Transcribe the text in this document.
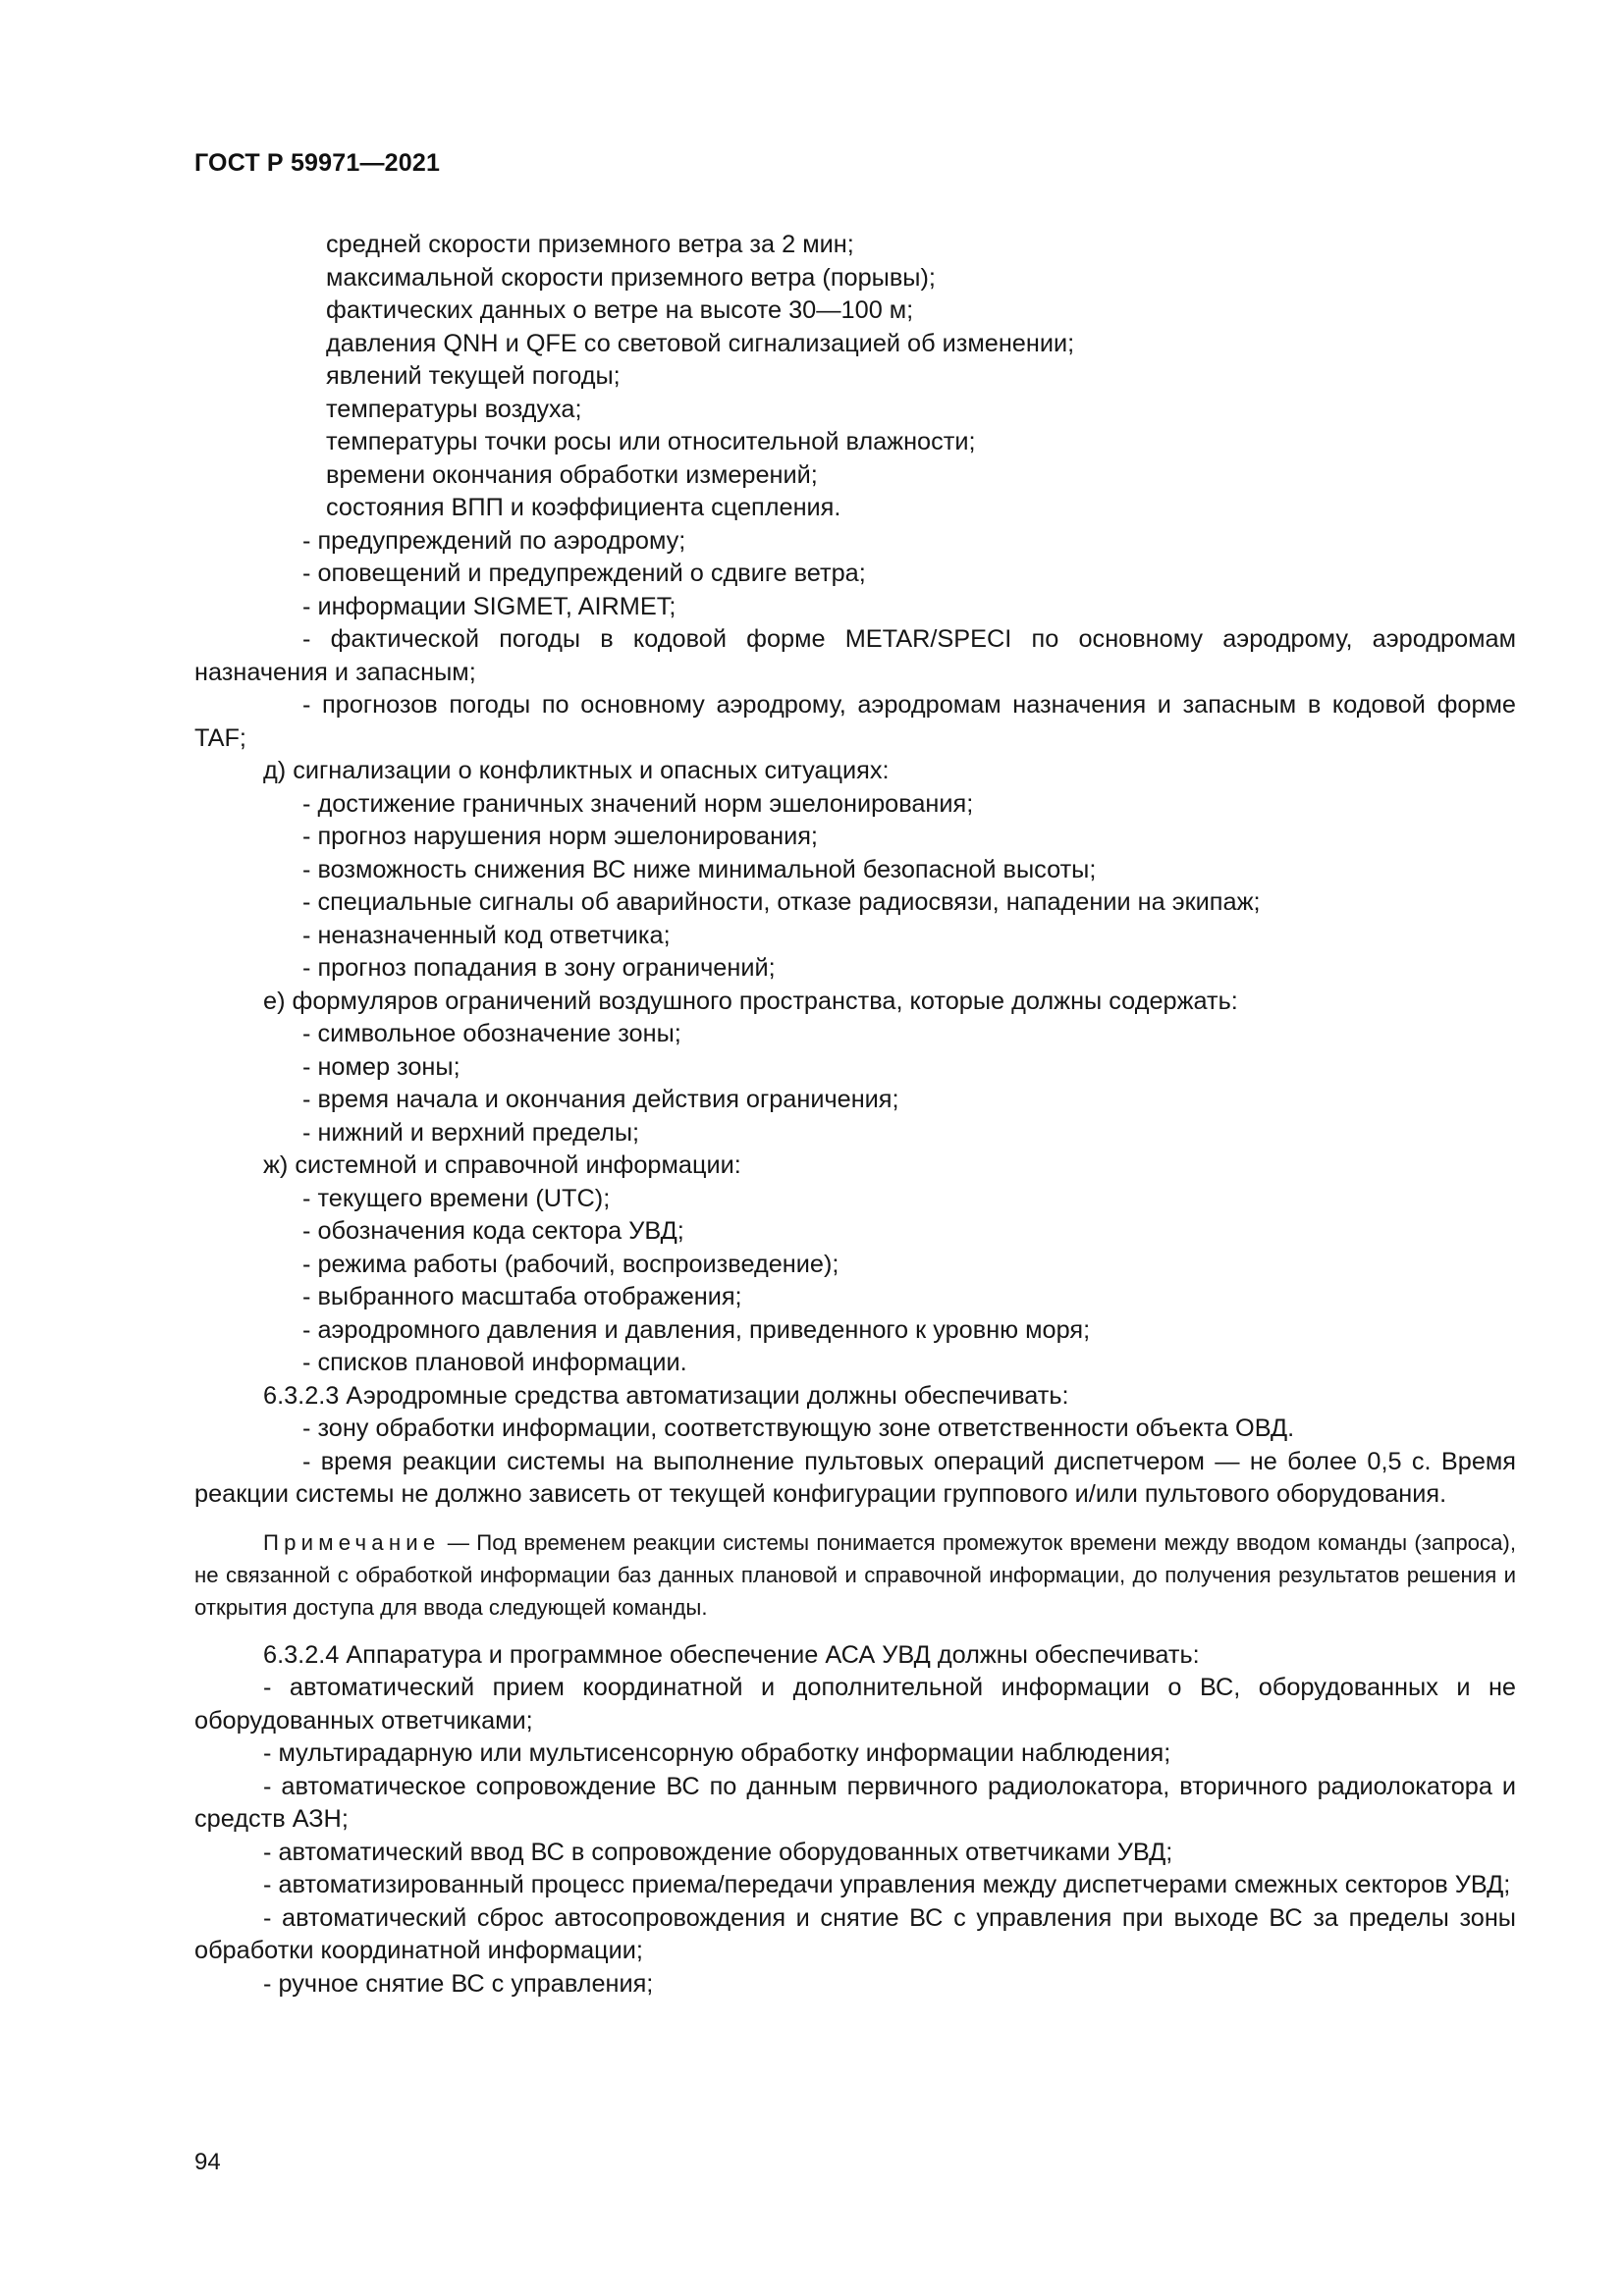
ГОСТ Р 59971—2021

средней скорости приземного ветра за 2 мин;

максимальной скорости приземного ветра (порывы);

фактических данных о ветре на высоте 30—100 м;

давления QNH и QFE со световой сигнализацией об изменении;

явлений текущей погоды;

температуры воздуха;

температуры точки росы или относительной влажности;

времени окончания обработки измерений;

состояния ВПП и коэффициента сцепления.

- предупреждений по аэродрому;

- оповещений и предупреждений о сдвиге ветра;

- информации SIGMET, AIRMET;

- фактической погоды в кодовой форме METAR/SPECI по основному аэродрому, аэродромам назначения и запасным;

- прогнозов погоды по основному аэродрому, аэродромам назначения и запасным в кодовой форме TAF;

д) сигнализации о конфликтных и опасных ситуациях:

- достижение граничных значений норм эшелонирования;

- прогноз нарушения норм эшелонирования;

- возможность снижения ВС ниже минимальной безопасной высоты;

- специальные сигналы об аварийности, отказе радиосвязи, нападении на экипаж;

- неназначенный код ответчика;

- прогноз попадания в зону ограничений;

е) формуляров ограничений воздушного пространства, которые должны содержать:

- символьное обозначение зоны;

- номер зоны;

- время начала и окончания действия ограничения;

- нижний и верхний пределы;

ж) системной и справочной информации:

- текущего времени (UTC);

- обозначения кода сектора УВД;

- режима работы (рабочий, воспроизведение);

- выбранного масштаба отображения;

- аэродромного давления и давления, приведенного к уровню моря;

- списков плановой информации.

6.3.2.3 Аэродромные средства автоматизации должны обеспечивать:

- зону обработки информации, соответствующую зоне ответственности объекта ОВД.

- время реакции системы на выполнение пультовых операций диспетчером — не более 0,5 с. Время реакции системы не должно зависеть от текущей конфигурации группового и/или пультового оборудования.

Примечание — Под временем реакции системы понимается промежуток времени между вводом команды (запроса), не связанной с обработкой информации баз данных плановой и справочной информации, до получения результатов решения и открытия доступа для ввода следующей команды.

6.3.2.4 Аппаратура и программное обеспечение АСА УВД должны обеспечивать:

- автоматический прием координатной и дополнительной информации о ВС, оборудованных и не оборудованных ответчиками;

- мультирадарную или мультисенсорную обработку информации наблюдения;

- автоматическое сопровождение ВС по данным первичного радиолокатора, вторичного радиолокатора и средств АЗН;

- автоматический ввод ВС в сопровождение оборудованных ответчиками УВД;

- автоматизированный процесс приема/передачи управления между диспетчерами смежных секторов УВД;

- автоматический сброс автосопровождения и снятие ВС с управления при выходе ВС за пределы зоны обработки координатной информации;

- ручное снятие ВС с управления;

94
